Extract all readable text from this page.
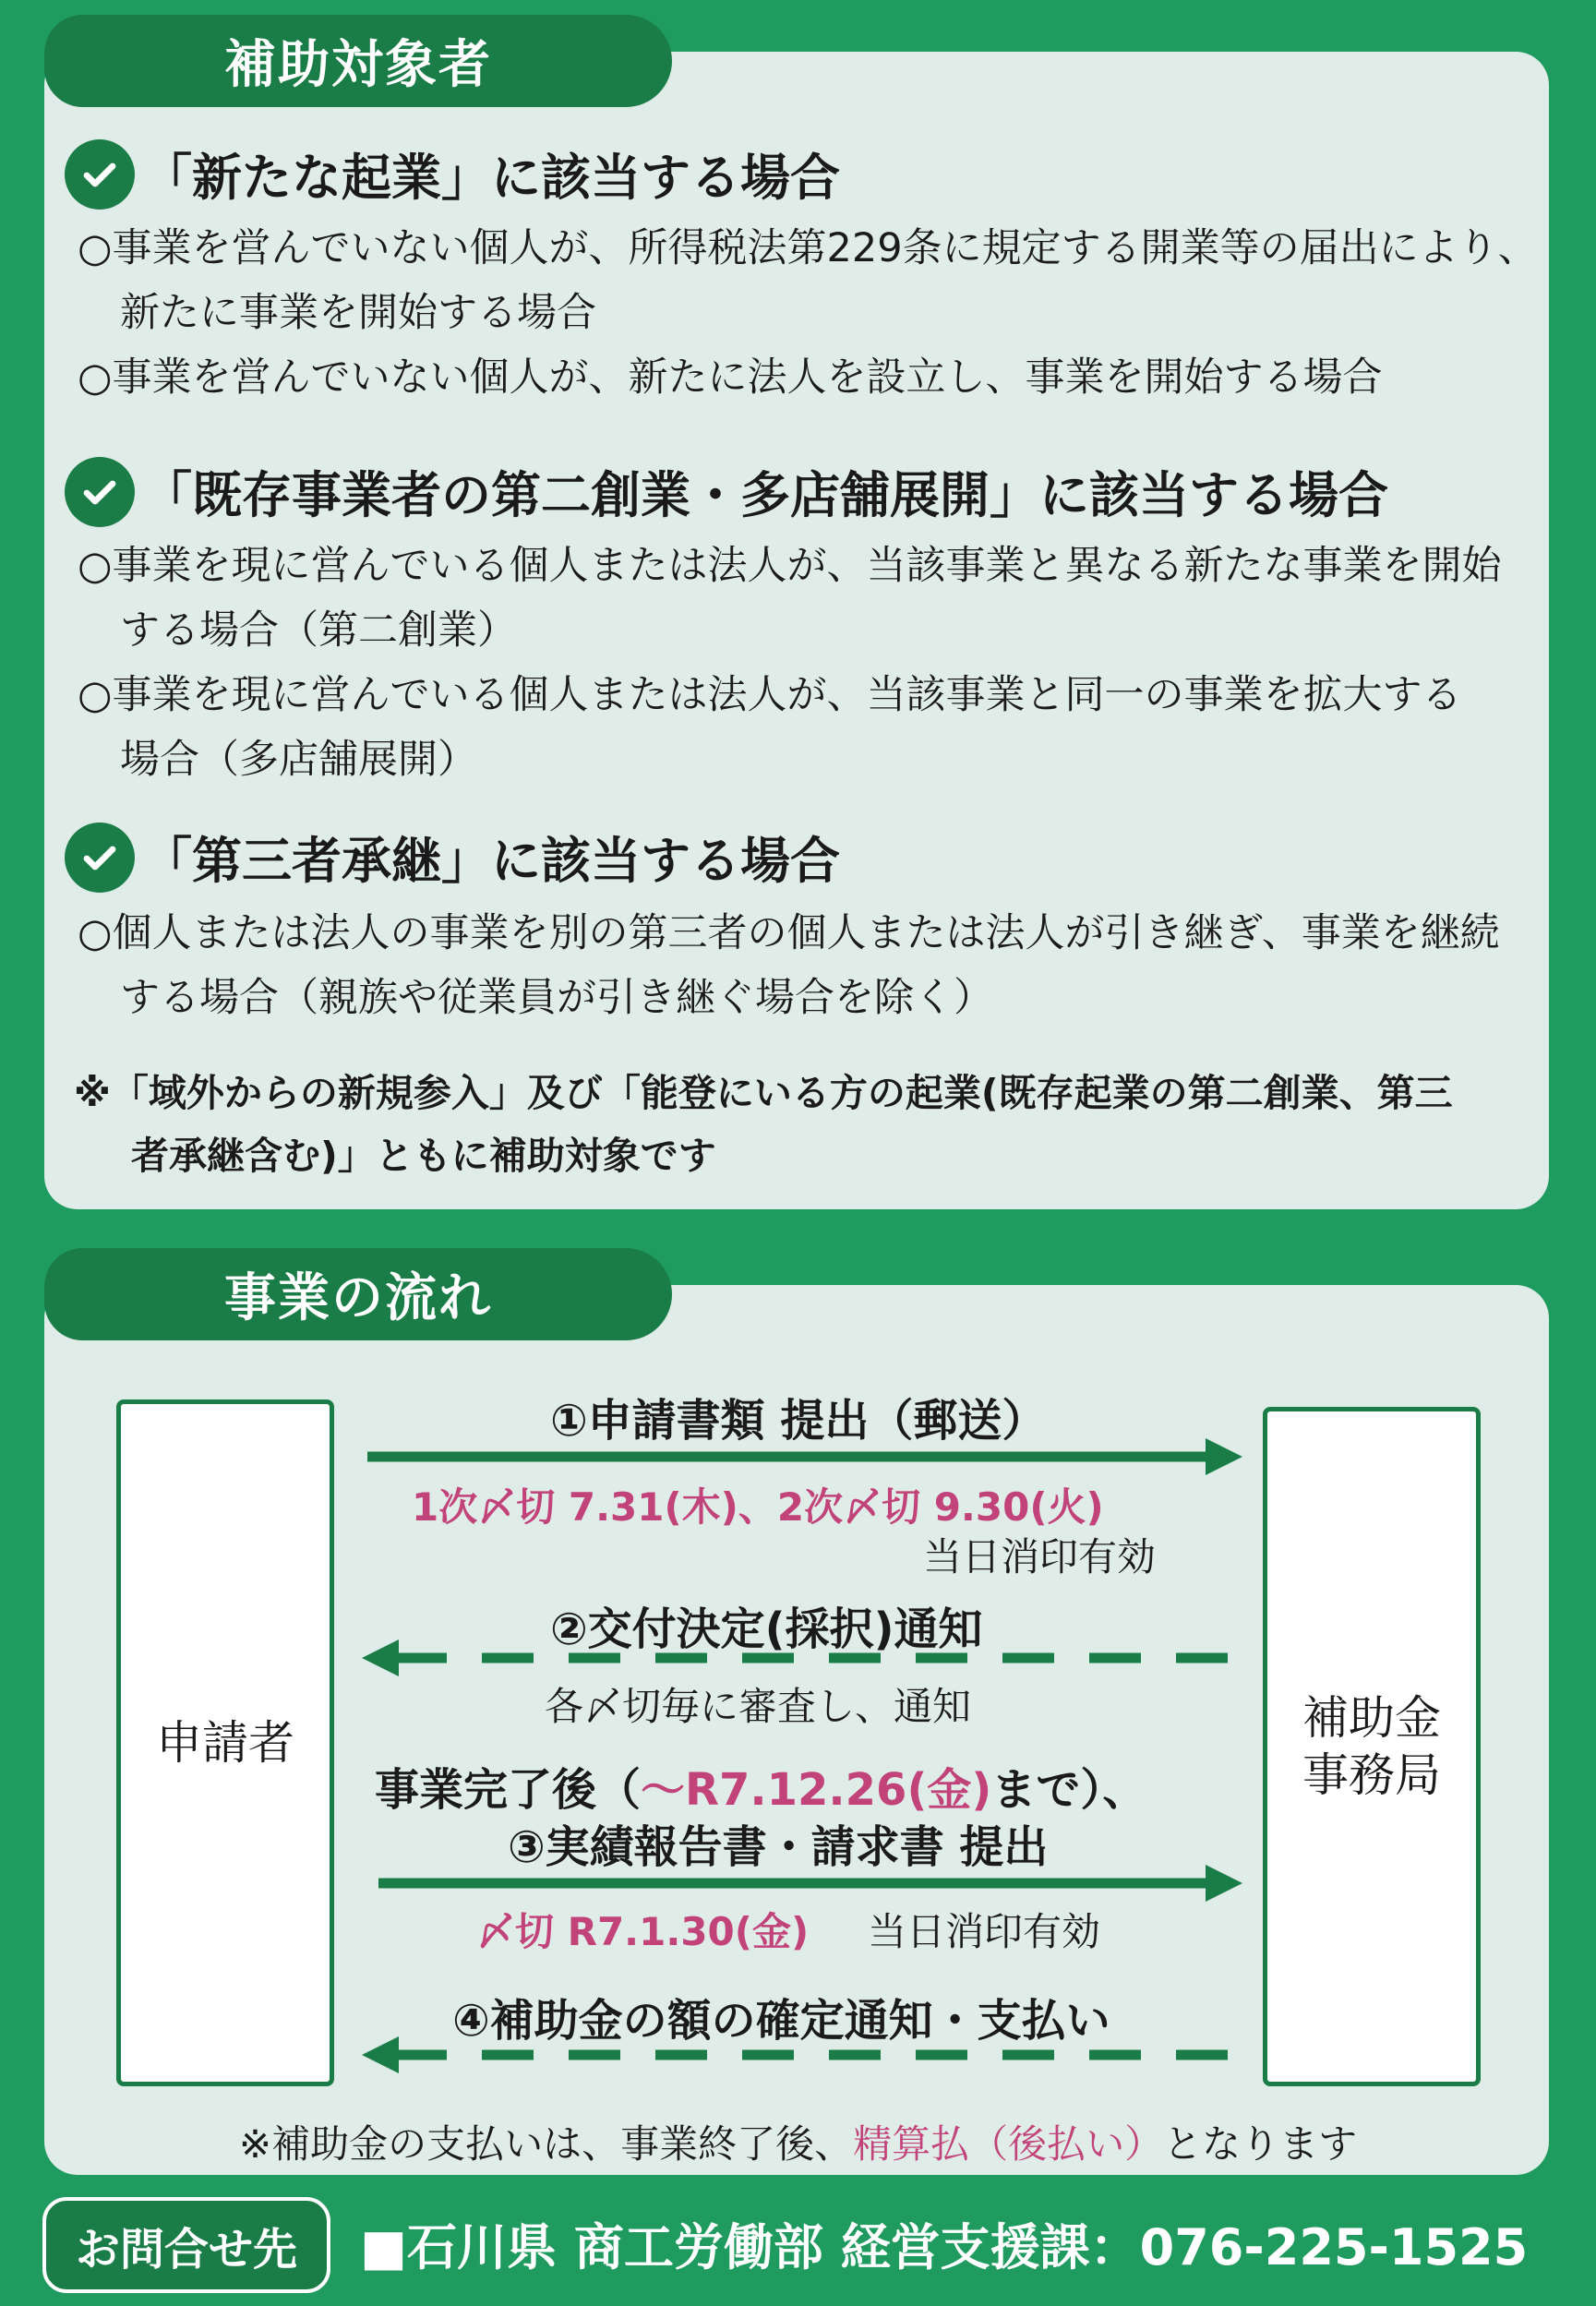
補助対象者
「新たな起業」に該当する場合
○事業を営んでいない個人が、所得税法第229条に規定する開業等の届出により、
新たに事業を開始する場合
○事業を営んでいない個人が、新たに法人を設立し、事業を開始する場合
「既存事業者の第二創業・多店舗展開」に該当する場合
○事業を現に営んでいる個人または法人が、当該事業と異なる新たな事業を開始
する場合（第二創業）
○事業を現に営んでいる個人または法人が、当該事業と同一の事業を拡大する
場合（多店舗展開）
「第三者承継」に該当する場合
○個人または法人の事業を別の第三者の個人または法人が引き継ぎ、事業を継続
する場合（親族や従業員が引き継ぐ場合を除く）
※「域外からの新規参入」及び「能登にいる方の起業(既存起業の第二創業、第三
者承継含む)」ともに補助対象です
事業の流れ
申請者	補助金
事務局
①申請書類 提出（郵送）
1次〆切 7.31(木)、2次〆切 9.30(火)
当日消印有効
②交付決定(採択)通知
各〆切毎に審査し、通知
事業完了後（～R7.12.26(金)まで）、
③実績報告書・請求書 提出
〆切 R7.1.30(金) 当日消印有効
④補助金の額の確定通知・支払い
※補助金の支払いは、事業終了後、精算払（後払い）となります
お問合せ先	■石川県 商工労働部 経営支援課：076-225-1525
